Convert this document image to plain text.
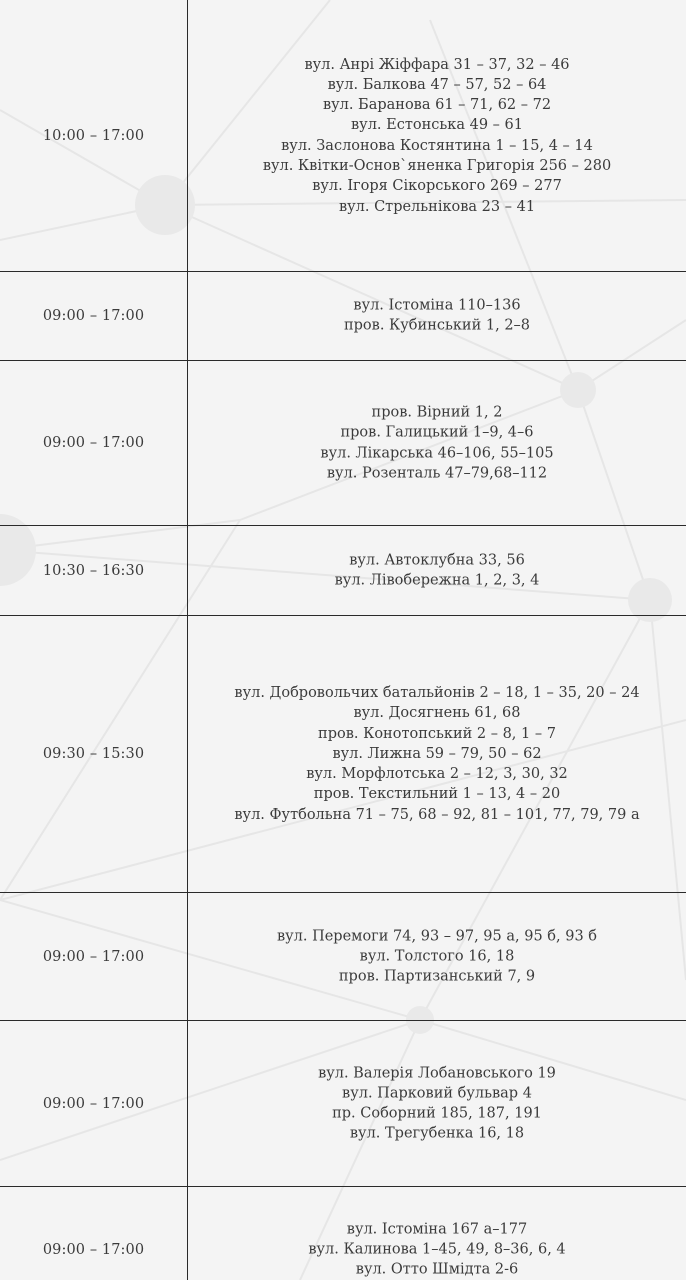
10:00 – 17:00
вул. Анрі Жіффара 31 – 37, 32 – 46
вул. Балкова 47 – 57, 52 – 64
вул. Баранова 61 – 71, 62 – 72
вул. Естонська 49 – 61
вул. Заслонова Костянтина 1 – 15, 4 – 14
вул. Квітки-Основ`яненка Григорія 256 – 280
вул. Ігоря Сікорського 269 – 277
вул. Стрельнікова 23 – 41
09:00 – 17:00
вул. Істоміна 110–136
пров. Кубинський 1, 2–8
09:00 – 17:00
пров. Вірний 1, 2
пров. Галицький 1–9, 4–6
вул. Лікарська 46–106, 55–105
вул. Розенталь 47–79,68–112
10:30 – 16:30
вул. Автоклубна 33, 56
вул. Лівобережна 1, 2, 3, 4
09:30 – 15:30
вул. Добровольчих батальйонів 2 – 18, 1 – 35, 20 – 24
вул. Досягнень 61, 68
пров. Конотопський 2 – 8, 1 – 7
вул. Лижна 59 – 79, 50 – 62
вул. Морфлотська 2 – 12, 3, 30, 32
пров. Текстильний 1 – 13, 4 – 20
вул. Футбольна 71 – 75, 68 – 92, 81 – 101, 77, 79, 79 а
09:00 – 17:00
вул. Перемоги 74, 93 – 97, 95 а, 95 б, 93 б
вул. Толстого 16, 18
пров. Партизанський 7, 9
09:00 – 17:00
вул. Валерія Лобановського 19
вул. Парковий бульвар 4
пр. Соборний 185, 187, 191
вул. Трегубенка 16, 18
09:00 – 17:00
вул. Істоміна 167 а–177
вул. Калинова 1–45, 49, 8–36, 6, 4
вул. Отто Шмідта 2-6
